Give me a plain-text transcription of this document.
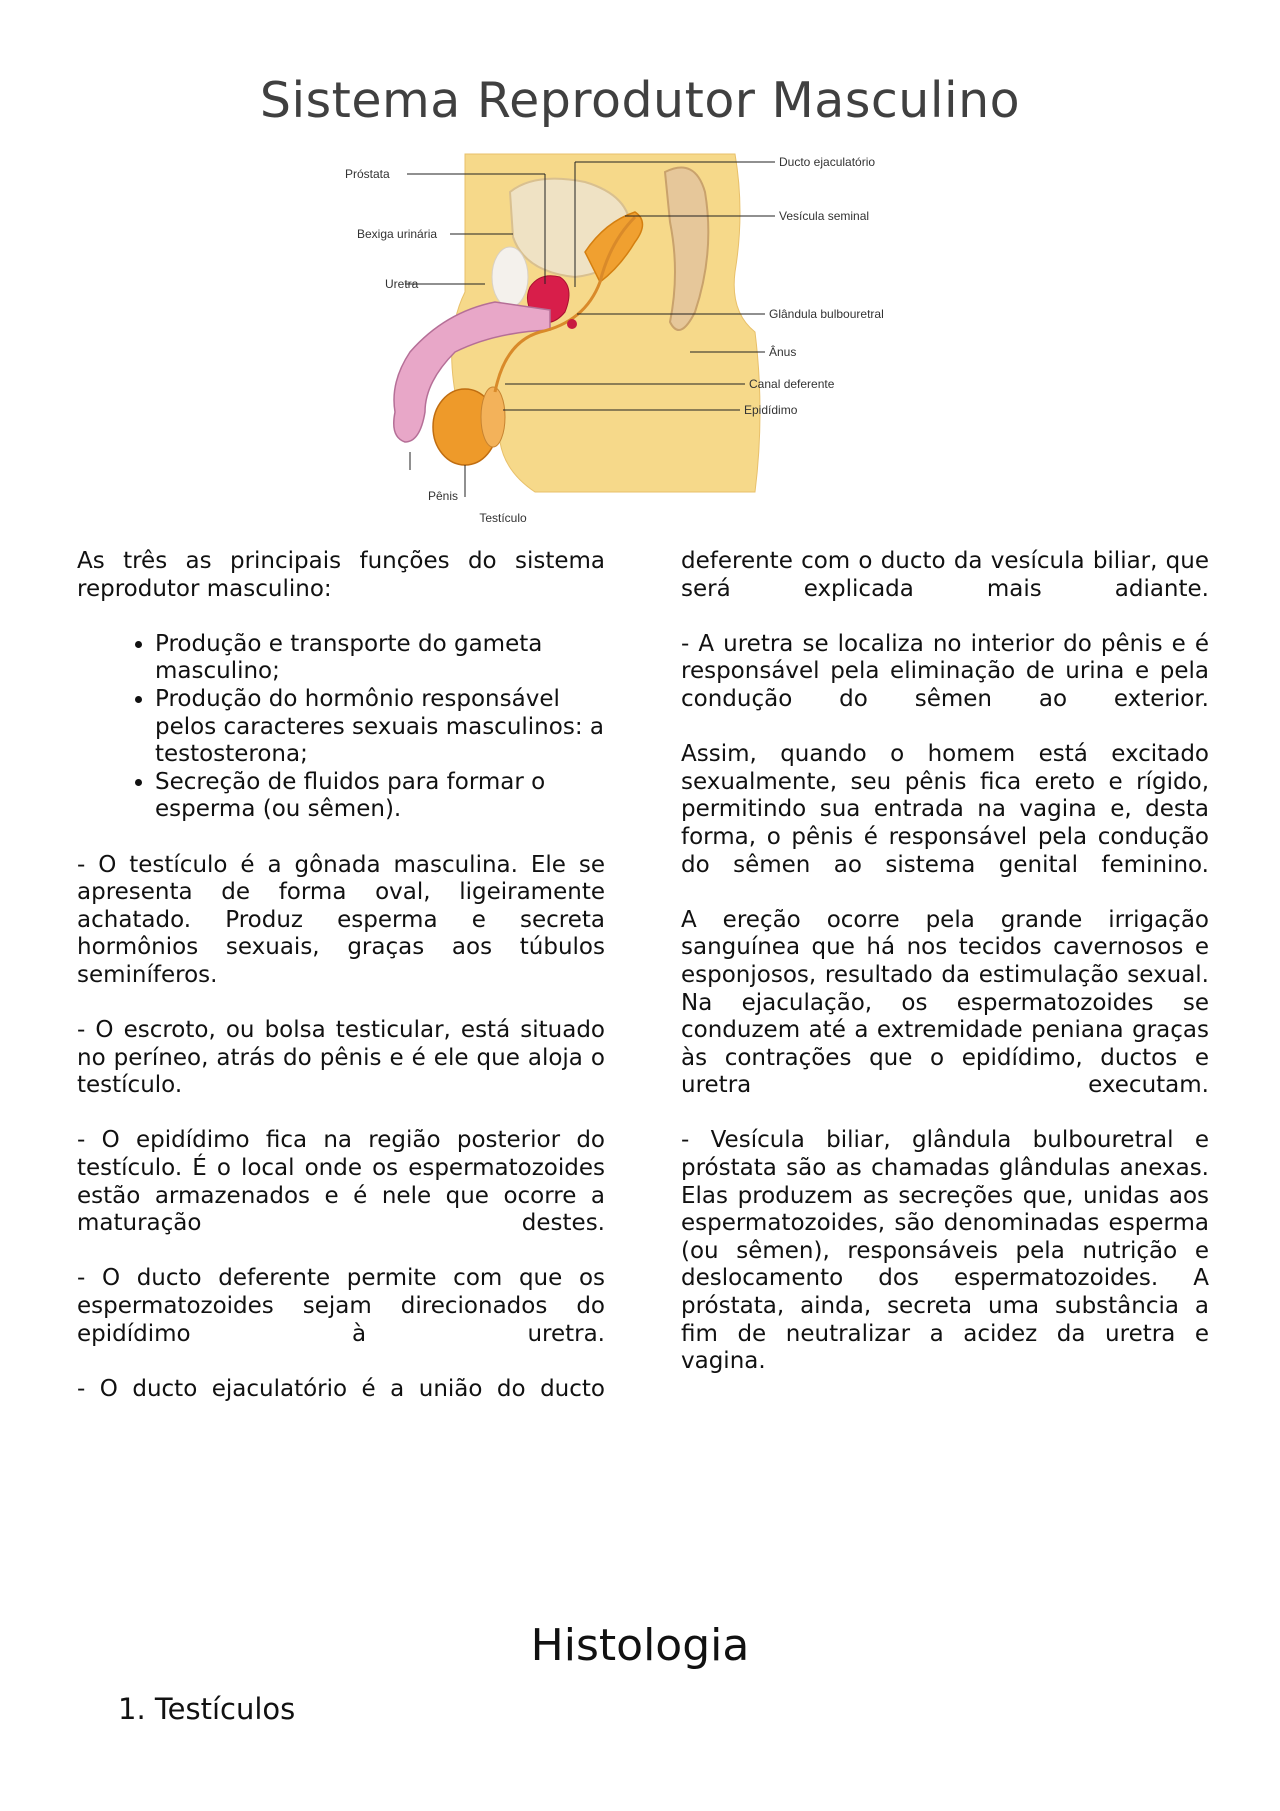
Sistema Reprodutor Masculino
Próstata
Bexiga urinária
Uretra
Pênis
Testículo
Ducto ejaculatório
Vesícula seminal
Glândula bulbouretral
Ânus
Canal deferente
Epidídimo

As três as principais funções do sistema reprodutor masculino:

• Produção e transporte do gameta masculino;
• Produção do hormônio responsável pelos caracteres sexuais masculinos: a testosterona;
• Secreção de fluidos para formar o esperma (ou sêmen).

- O testículo é a gônada masculina. Ele se apresenta de forma oval, ligeiramente achatado. Produz esperma e secreta hormônios sexuais, graças aos túbulos seminíferos.

- O escroto, ou bolsa testicular, está situado no períneo, atrás do pênis e é ele que aloja o testículo.

- O epidídimo fica na região posterior do testículo. É o local onde os espermatozoides estão armazenados e é nele que ocorre a maturação destes.

- O ducto deferente permite com que os espermatozoides sejam direcionados do epidídimo à uretra.

- O ducto ejaculatório é a união do ducto

deferente com o ducto da vesícula biliar, que será explicada mais adiante.

- A uretra se localiza no interior do pênis e é responsável pela eliminação de urina e pela condução do sêmen ao exterior.

Assim, quando o homem está excitado sexualmente, seu pênis fica ereto e rígido, permitindo sua entrada na vagina e, desta forma, o pênis é responsável pela condução do sêmen ao sistema genital feminino.

A ereção ocorre pela grande irrigação sanguínea que há nos tecidos cavernosos e esponjosos, resultado da estimulação sexual. Na ejaculação, os espermatozoides se conduzem até a extremidade peniana graças às contrações que o epidídimo, ductos e uretra executam.

- Vesícula biliar, glândula bulbouretral e próstata são as chamadas glândulas anexas. Elas produzem as secreções que, unidas aos espermatozoides, são denominadas esperma (ou sêmen), responsáveis pela nutrição e deslocamento dos espermatozoides. A próstata, ainda, secreta uma substância a fim de neutralizar a acidez da uretra e vagina.

Histologia
1. Testículos
